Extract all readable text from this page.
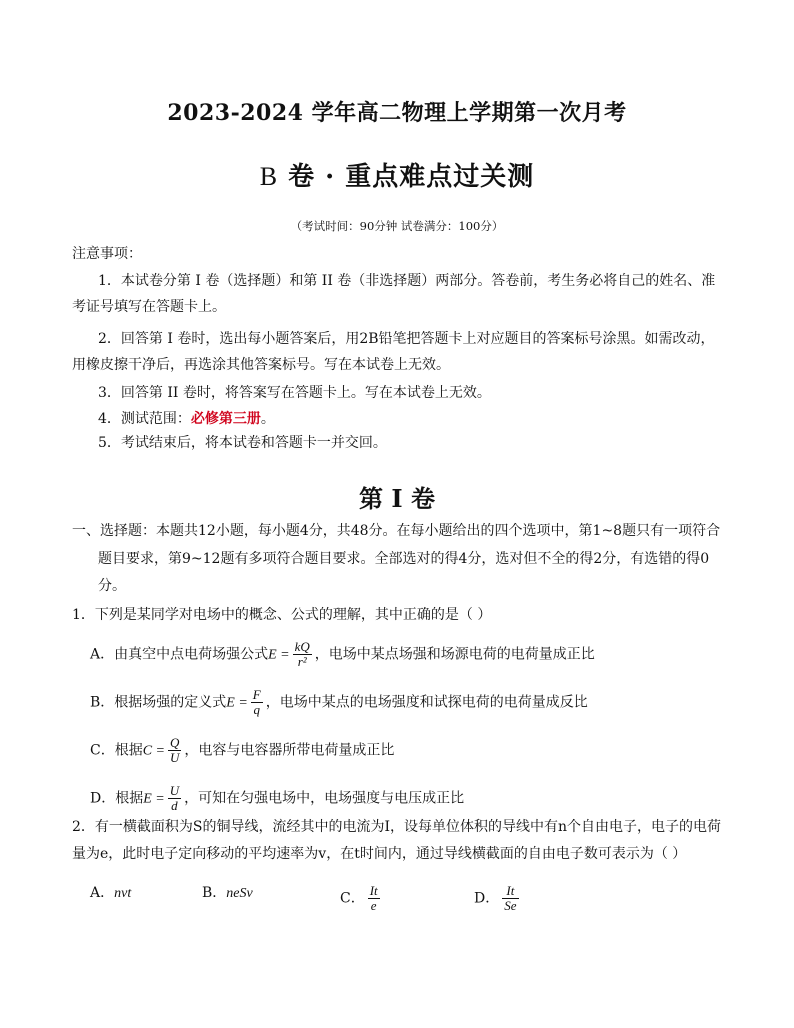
2023-2024 学年高二物理上学期第一次月考
B 卷 · 重点难点过关测
（考试时间：90分钟 试卷满分：100分）
注意事项：
1．本试卷分第 I 卷（选择题）和第 II 卷（非选择题）两部分。答卷前，考生务必将自己的姓名、准
考证号填写在答题卡上。
2．回答第 I 卷时，选出每小题答案后，用2B铅笔把答题卡上对应题目的答案标号涂黑。如需改动，
用橡皮擦干净后，再选涂其他答案标号。写在本试卷上无效。
3．回答第 II 卷时，将答案写在答题卡上。写在本试卷上无效。
4．测试范围：必修第三册。
5．考试结束后，将本试卷和答题卡一并交回。
第 I 卷
一、选择题：本题共12小题，每小题4分，共48分。在每小题给出的四个选项中，第1~8题只有一项符合
题目要求，第9~12题有多项符合题目要求。全部选对的得4分，选对但不全的得2分，有选错的得0
分。
1．下列是某同学对电场中的概念、公式的理解，其中正确的是（ ）
A．由真空中点电荷场强公式$E = \frac{kQ}{\text{r²}}$ ，电场中某点场强和场源电荷的电荷量成正比
B．根据场强的定义式$E = \frac{F}{q}$ ，电场中某点的电场强度和试探电荷的电荷量成反比
C．根据$C = \frac{Q}{U}$ ，电容与电容器所带电荷量成正比
D．根据$E = \frac{U}{d}$ ，可知在匀强电场中，电场强度与电压成正比
2．有一横截面积为S的铜导线，流经其中的电流为I，设每单位体积的导线中有n个自由电子，电子的电荷
量为e，此时电子定向移动的平均速率为v，在t时间内，通过导线横截面的自由电子数可表示为（ ）
A．nvt	B．neSv	C． $\frac{It}{e}$	D． $\frac{It}{Se}$
